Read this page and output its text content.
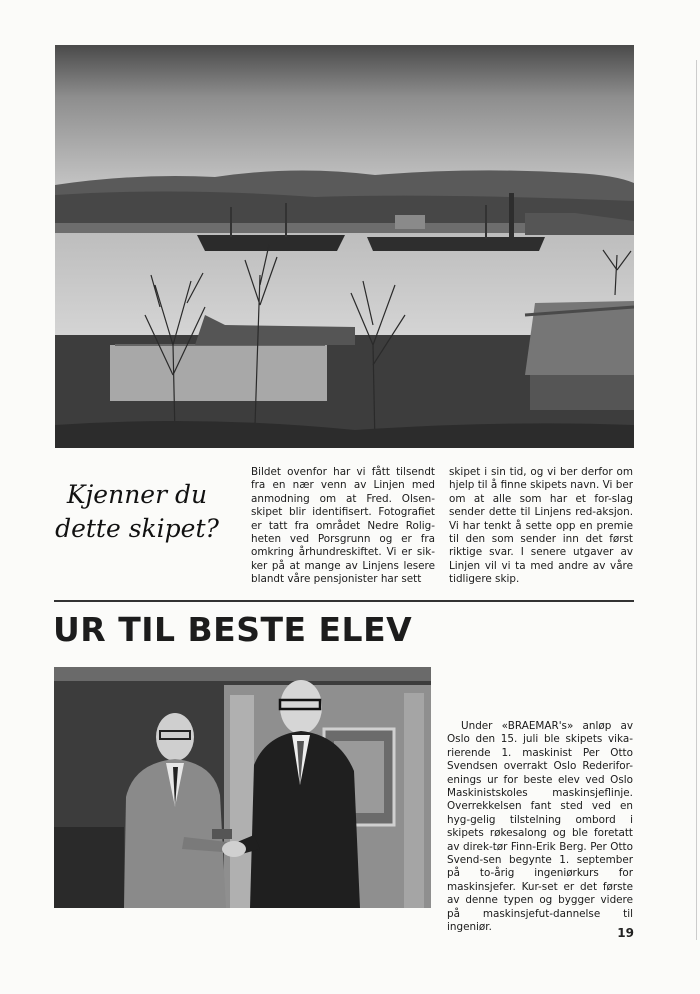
Kjenner du
dette skipet?
Bildet ovenfor har vi fått tilsendt fra en nær venn av Linjen med anmodning om at Fred. Olsen-skipet blir identifisert. Fotografiet er tatt fra området Nedre Rolig-heten ved Porsgrunn og er fra omkring århundreskiftet. Vi er sik-ker på at mange av Linjens lesere blandt våre pensjonister har sett
skipet i sin tid, og vi ber derfor om hjelp til å finne skipets navn. Vi ber om at alle som har et for-slag sender dette til Linjens red-aksjon. Vi har tenkt å sette opp en premie til den som sender inn det først riktige svar. I senere utgaver av Linjen vil vi ta med andre av våre tidligere skip.
UR TIL BESTE ELEV
Under «BRAEMAR's» anløp av Oslo den 15. juli ble skipets vika-rierende 1. maskinist Per Otto Svendsen overrakt Oslo Rederifor-enings ur for beste elev ved Oslo Maskinistskoles maskinsjeflinje. Overrekkelsen fant sted ved en hyg-gelig tilstelning ombord i skipets røkesalong og ble foretatt av direk-tør Finn-Erik Berg. Per Otto Svend-sen begynte 1. september på to-årig ingeniørkurs for maskinsjefer. Kur-set er det første av denne typen og bygger videre på maskinsjefut-dannelse til ingeniør.	19
